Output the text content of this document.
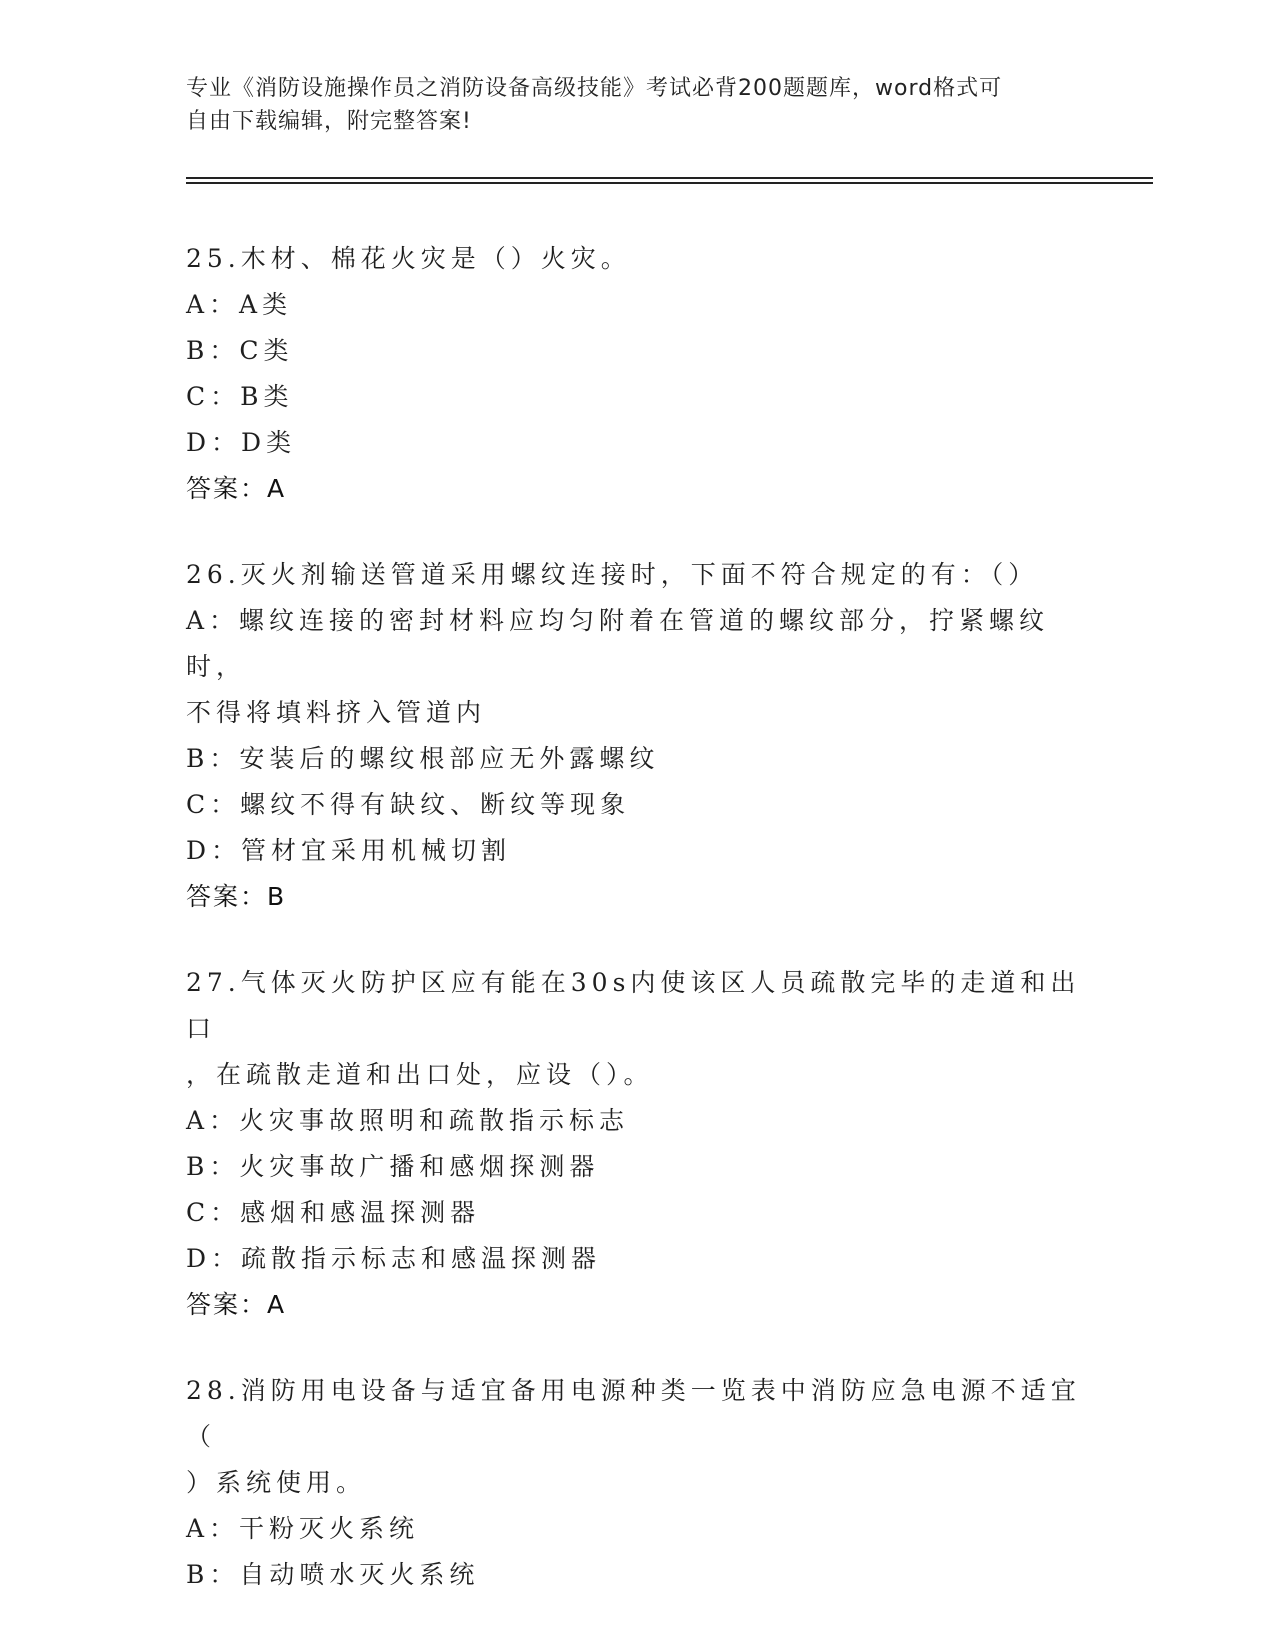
专业《消防设施操作员之消防设备高级技能》考试必背200题题库，word格式可
自由下载编辑，附完整答案!
25.木材、棉花火灾是（）火灾。
A：A类
B：C类
C：B类
D：D类
答案：A
26.灭火剂输送管道采用螺纹连接时，下面不符合规定的有：（）
A：螺纹连接的密封材料应均匀附着在管道的螺纹部分，拧紧螺纹时，
不得将填料挤入管道内
B：安装后的螺纹根部应无外露螺纹
C：螺纹不得有缺纹、断纹等现象
D：管材宜采用机械切割
答案：B
27.气体灭火防护区应有能在30s内使该区人员疏散完毕的走道和出口
，在疏散走道和出口处，应设（）。
A：火灾事故照明和疏散指示标志
B：火灾事故广播和感烟探测器
C：感烟和感温探测器
D：疏散指示标志和感温探测器
答案：A
28.消防用电设备与适宜备用电源种类一览表中消防应急电源不适宜（
）系统使用。
A：干粉灭火系统
B：自动喷水灭火系统
